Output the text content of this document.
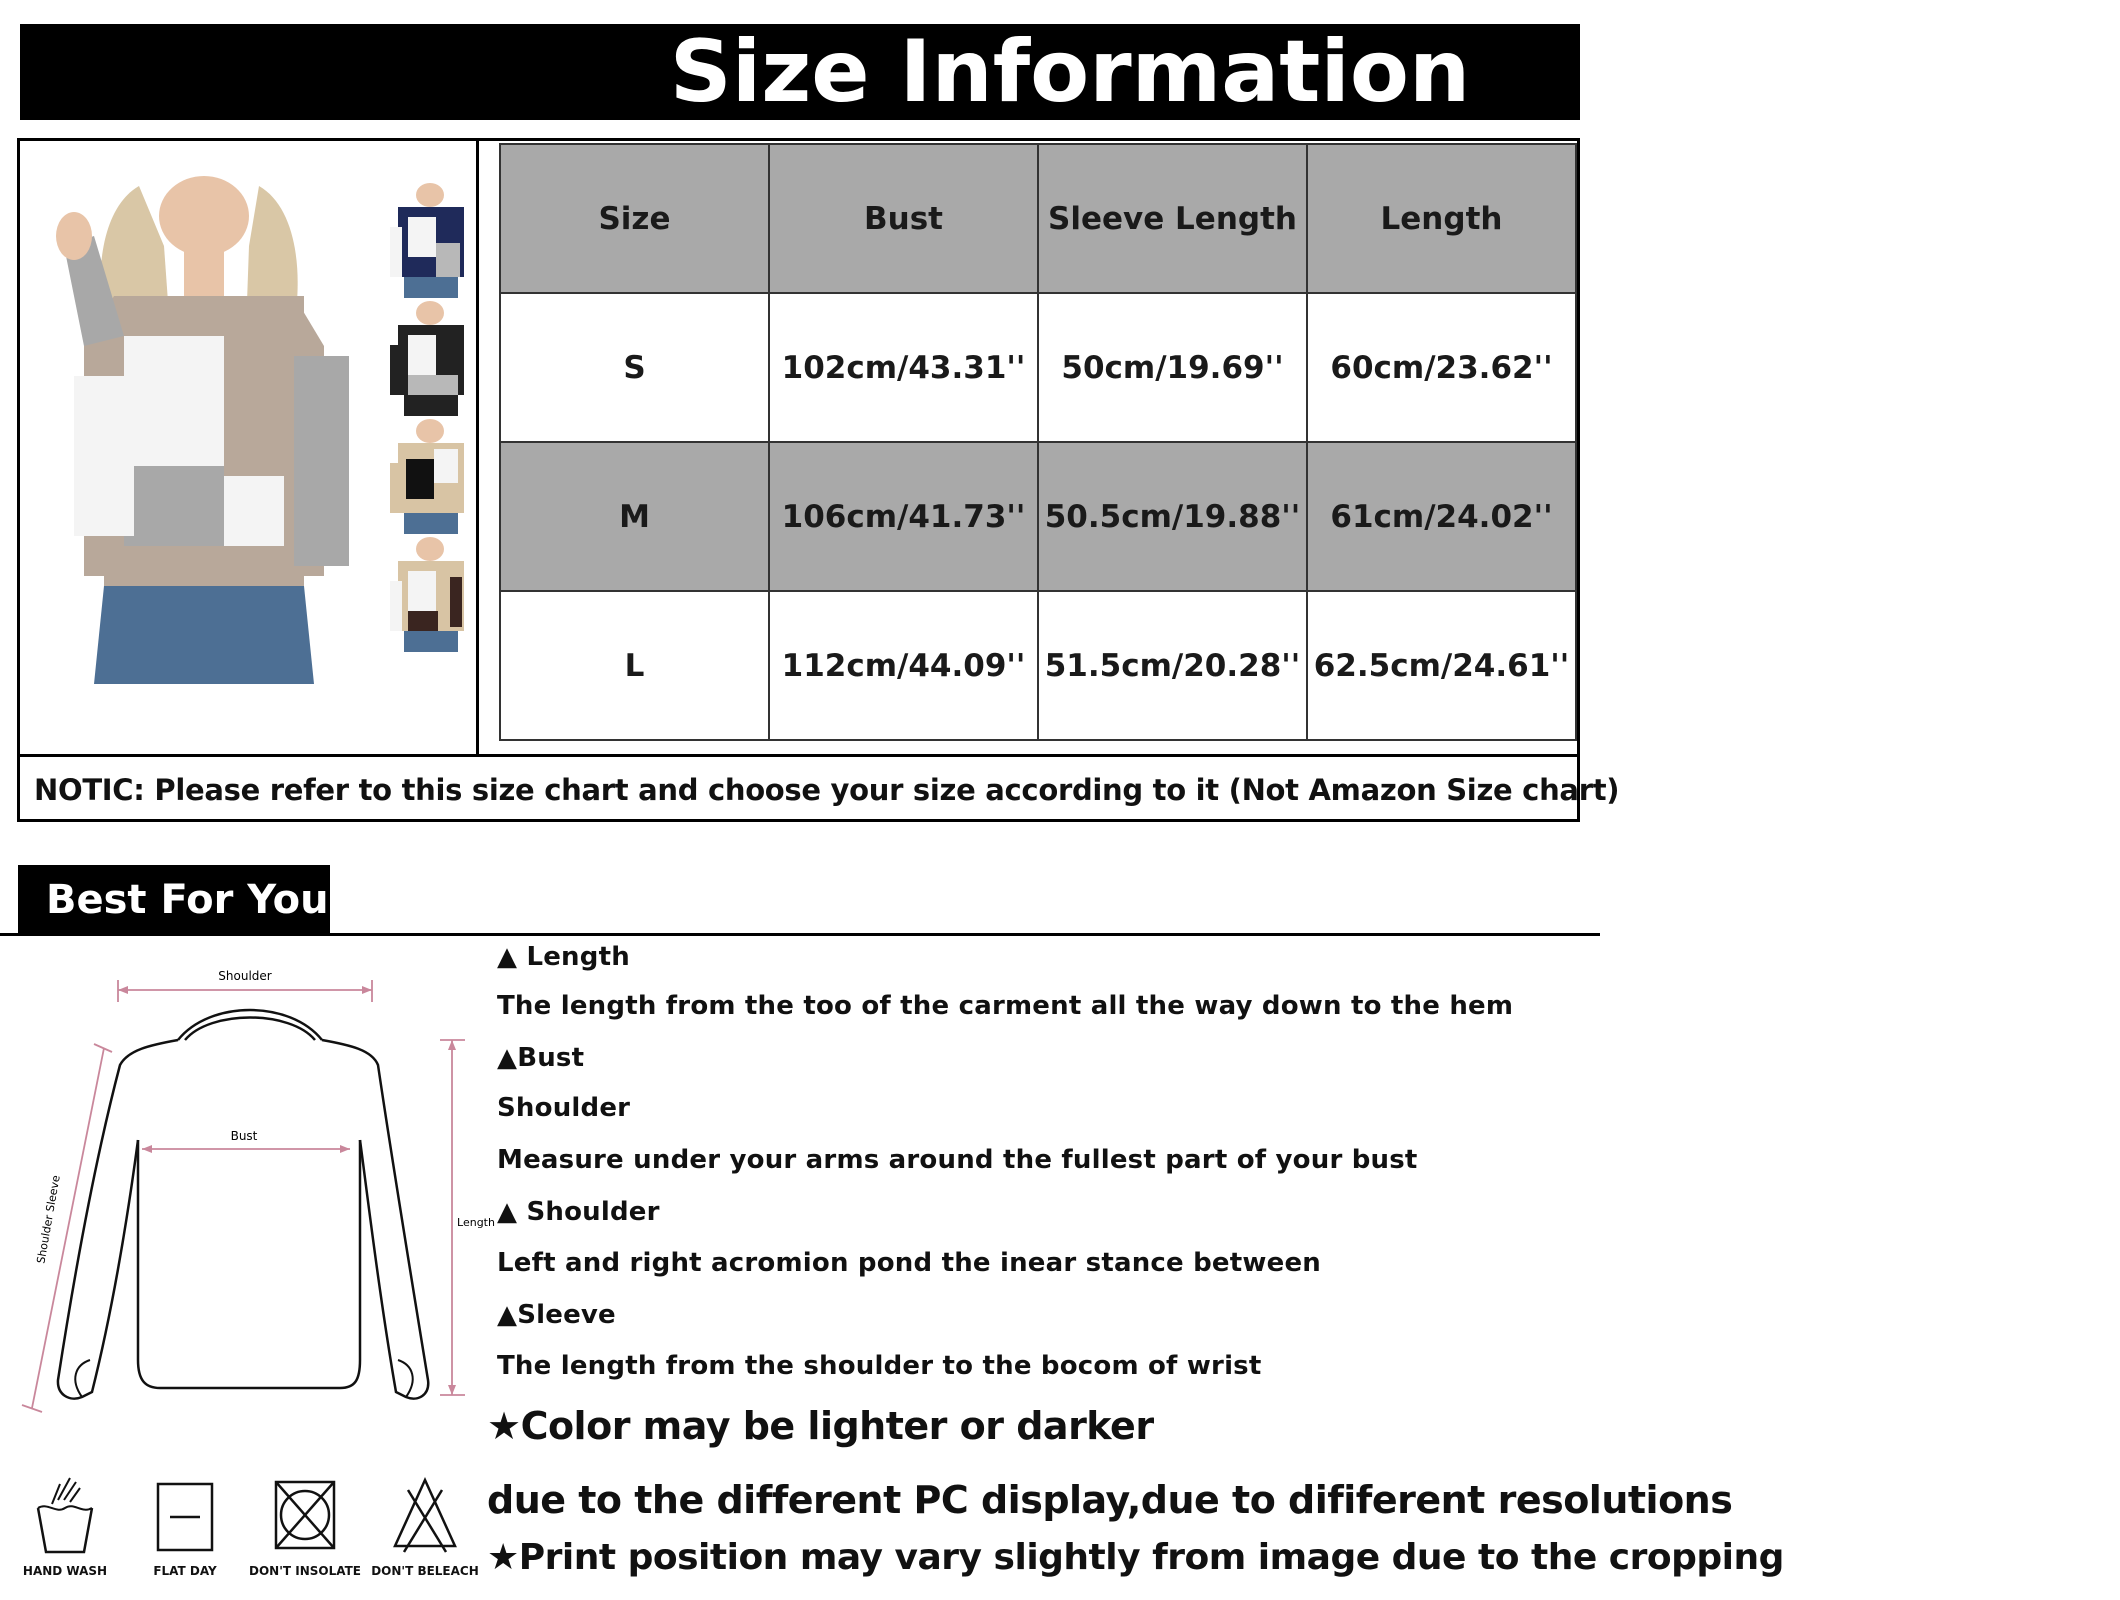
Size Information
NOTIC: Please refer to this size chart and choose your size according to it (Not Amazon Size chart)
Size	Bust	Sleeve Length	Length
S	102cm/43.31''	50cm/19.69''	60cm/23.62''
M	106cm/41.73''	50.5cm/19.88''	61cm/24.02''
L	112cm/44.09''	51.5cm/20.28''	62.5cm/24.61''
Best For You
Shoulder
Bust
Length
Shoulder Sleeve
▲ Length
The length from the too of the carment all the way down to the hem
▲Bust
Shoulder
Measure under your arms around the fullest part of your bust
▲ Shoulder
Left and right acromion pond the inear stance between
▲Sleeve
The length from the shoulder to the bocom of wrist
★Color may be lighter or darker
due to the different PC display,due to dififerent resolutions
★Print position may vary slightly from image due to the cropping
HAND WASH	FLAT DAY	DON'T INSOLATE DON'T BELEACH
